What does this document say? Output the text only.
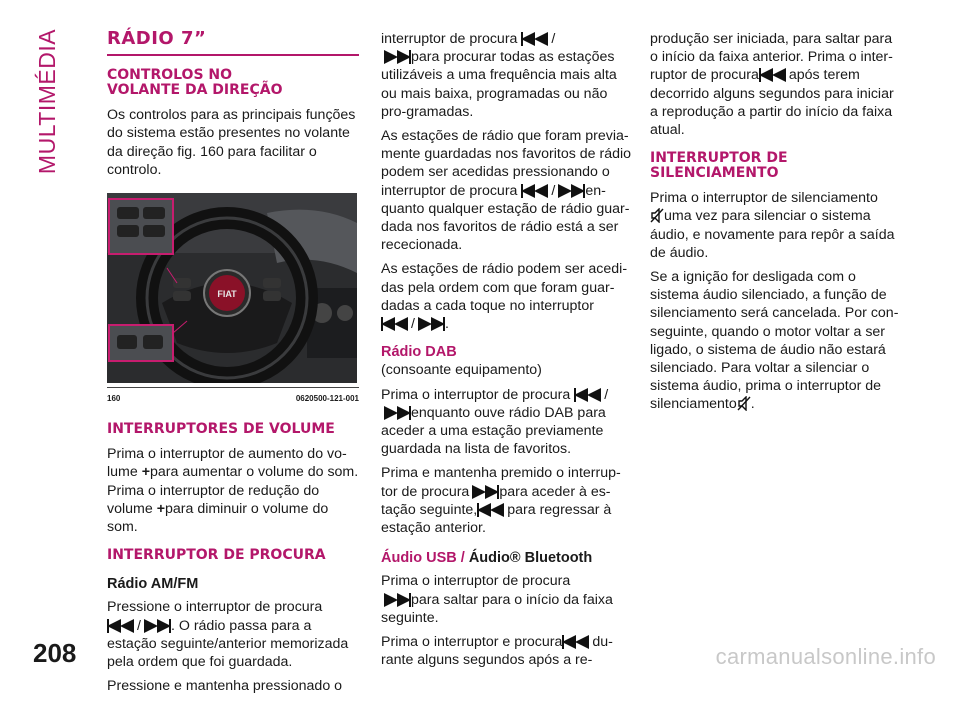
MULTIMÉDIA	RÁDIO 7”
CONTROLOS NO
VOLANTE DA DIREÇÃO

Os controlos para as principais funções do sistema estão presentes no volante da direção fig. 160 para facilitar o controlo.

FIAT
160	0620500-121-001
INTERRUPTORES DE VOLUME

Prima o interruptor de aumento do vo-lume +para aumentar o volume do som. Prima o interruptor de redução do volume +para diminuir o volume do som.

INTERRUPTOR DE PROCURA
Rádio AM/FM

Pressione o interruptor de procura
/ . O rádio passa para a estação seguinte/anterior memorizada pela ordem que foi guardada.

Pressione e mantenha pressionado o

interruptor de procura /
para procurar todas as estações utilizáveis a uma frequência mais alta ou mais baixa, programadas ou não pro-gramadas.

As estações de rádio que foram previa-mente guardadas nos favoritos de rádio podem ser acedidas pressionando o interruptor de procura / en-quanto qualquer estação de rádio guar-dada nos favoritos de rádio está a ser rececionada.

As estações de rádio podem ser acedi-das pela ordem com que foram guar-dadas a cada toque no interruptor
/ .

Rádio DAB

(consoante equipamento)

Prima o interruptor de procura /
enquanto ouve rádio DAB para aceder a uma estação previamente guardada na lista de favoritos.

Prima e mantenha premido o interrup-tor de procura para aceder à es-tação seguinte, para regressar à estação anterior.

Áudio USB / Áudio® Bluetooth

Prima o interruptor de procura
para saltar para o início da faixa seguinte.

Prima o interruptor e procura du-rante alguns segundos após a re-

produção ser iniciada, para saltar para o início da faixa anterior. Prima o inter-ruptor de procura após terem decorrido alguns segundos para iniciar a reprodução a partir do início da faixa atual.

INTERRUPTOR DE
SILENCIAMENTO

Prima o interruptor de silenciamento
uma vez para silenciar o sistema áudio, e novamente para repôr a saída de áudio.

Se a ignição for desligada com o sistema áudio silenciado, a função de silenciamento será cancelada. Por con-seguinte, quando o motor voltar a ser ligado, o sistema de áudio não estará silenciado. Para voltar a silenciar o sistema áudio, prima o interruptor de silenciamento .

208	carmanualsonline.info
